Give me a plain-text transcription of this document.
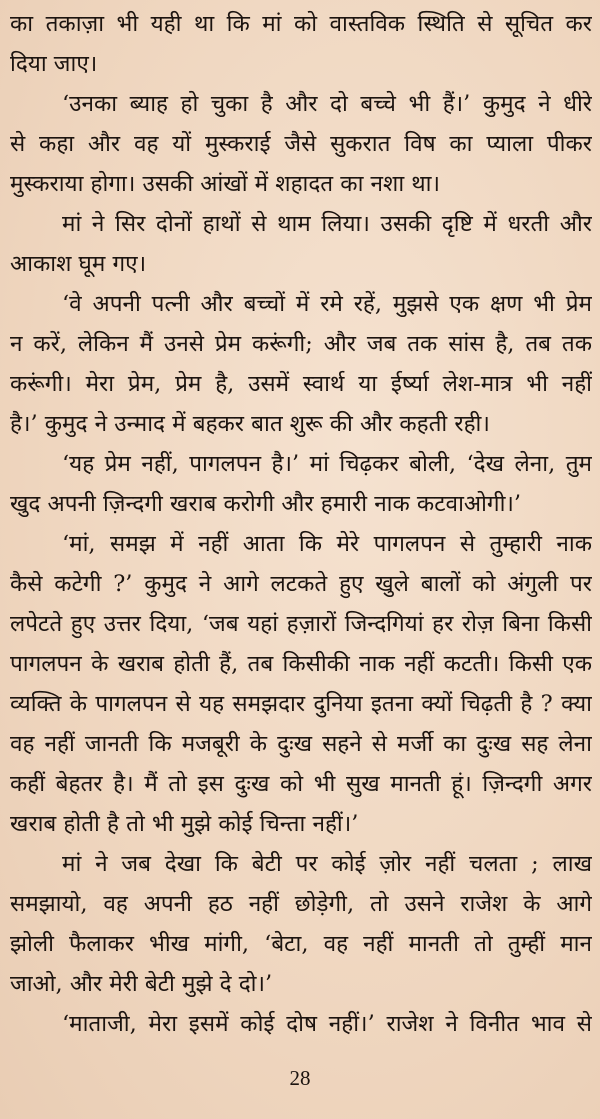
का तकाज़ा भी यही था कि मां को वास्तविक स्थिति से सूचित कर
दिया जाए।
‘उनका ब्याह हो चुका है और दो बच्चे भी हैं।’ कुमुद ने धीरे
से कहा और वह यों मुस्कराई जैसे सुकरात विष का प्याला पीकर
मुस्कराया होगा। उसकी आंखों में शहादत का नशा था।
मां ने सिर दोनों हाथों से थाम लिया। उसकी दृष्टि में धरती और
आकाश घूम गए।
‘वे अपनी पत्नी और बच्चों में रमे रहें, मुझसे एक क्षण भी प्रेम
न करें, लेकिन मैं उनसे प्रेम करूंगी; और जब तक सांस है, तब तक
करूंगी। मेरा प्रेम, प्रेम है, उसमें स्वार्थ या ईर्ष्या लेश-मात्र भी नहीं
है।’ कुमुद ने उन्माद में बहकर बात शुरू की और कहती रही।
‘यह प्रेम नहीं, पागलपन है।’ मां चिढ़कर बोली, ‘देख लेना, तुम
खुद अपनी ज़िन्दगी खराब करोगी और हमारी नाक कटवाओगी।’
‘मां, समझ में नहीं आता कि मेरे पागलपन से तुम्हारी नाक
कैसे कटेगी ?’ कुमुद ने आगे लटकते हुए खुले बालों को अंगुली पर
लपेटते हुए उत्तर दिया, ‘जब यहां हज़ारों जिन्दगियां हर रोज़ बिना किसी
पागलपन के खराब होती हैं, तब किसीकी नाक नहीं कटती। किसी एक
व्यक्ति के पागलपन से यह समझदार दुनिया इतना क्यों चिढ़ती है ? क्या
वह नहीं जानती कि मजबूरी के दुःख सहने से मर्जी का दुःख सह लेना
कहीं बेहतर है। मैं तो इस दुःख को भी सुख मानती हूं। ज़िन्दगी अगर
खराब होती है तो भी मुझे कोई चिन्ता नहीं।’
मां ने जब देखा कि बेटी पर कोई ज़ोर नहीं चलता ; लाख
समझायो, वह अपनी हठ नहीं छोड़ेगी, तो उसने राजेश के आगे
झोली फैलाकर भीख मांगी, ‘बेटा, वह नहीं मानती तो तुम्हीं मान
जाओ, और मेरी बेटी मुझे दे दो।’
‘माताजी, मेरा इसमें कोई दोष नहीं।’ राजेश ने विनीत भाव से
28
